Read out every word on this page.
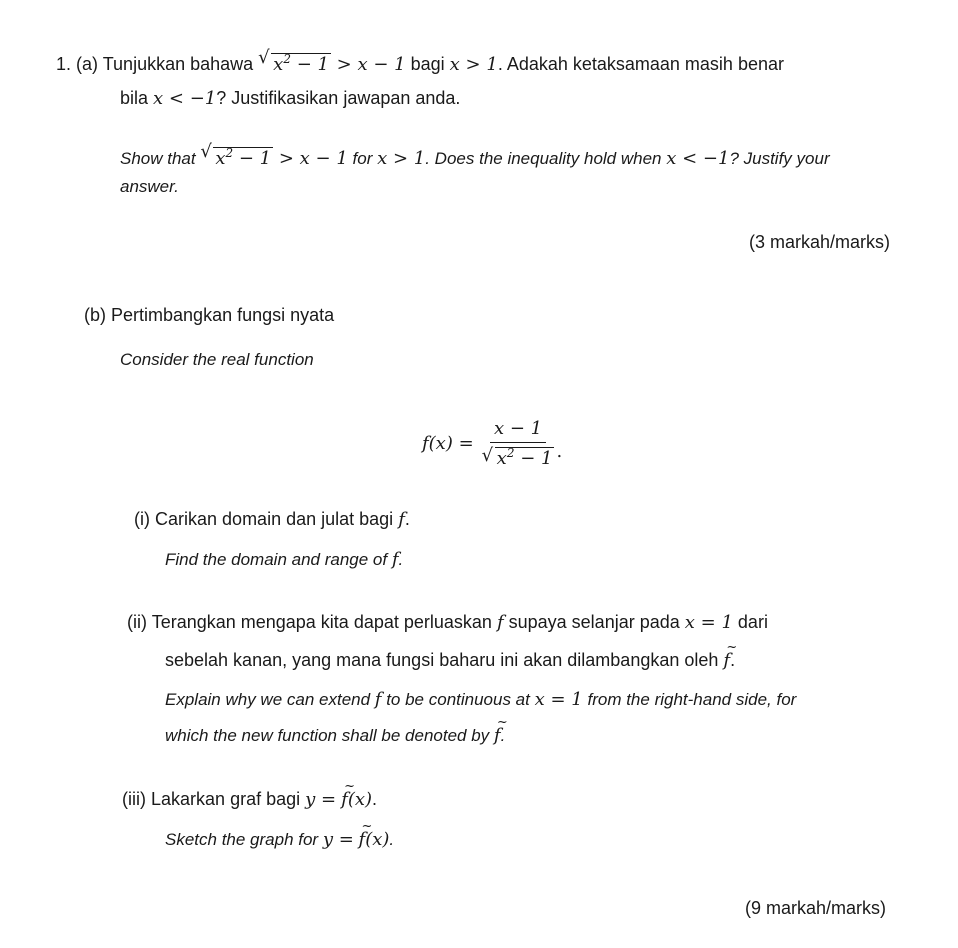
1. (a) Tunjukkan bahawa √ $x^2 - 1 > x - 1$ bagi x > 1. Adakah ketaksamaan masih benar
bila x < −1? Justifikasikan jawapan anda.
Show that √ $x^2 - 1 > x - 1$ for x > 1. Does the inequality hold when x < −1? Justify your
answer.
(3 markah/marks)
(b) Pertimbangkan fungsi nyata
Consider the real function
f(x) = x − 1
√ $x^2 - 1$ .
(i) Carikan domain dan julat bagi f.
Find the domain and range of f.
(ii) Terangkan mengapa kita dapat perluaskan f supaya selanjar pada x = 1 dari
sebelah kanan, yang mana fungsi baharu ini akan dilambangkan oleh ~ f.
Explain why we can extend f to be continuous at x = 1 from the right-hand side, for
which the new function shall be denoted by ~ f.
(iii) Lakarkan graf bagi y = ~ f(x).
Sketch the graph for y = ~ f(x).
(9 markah/marks)
